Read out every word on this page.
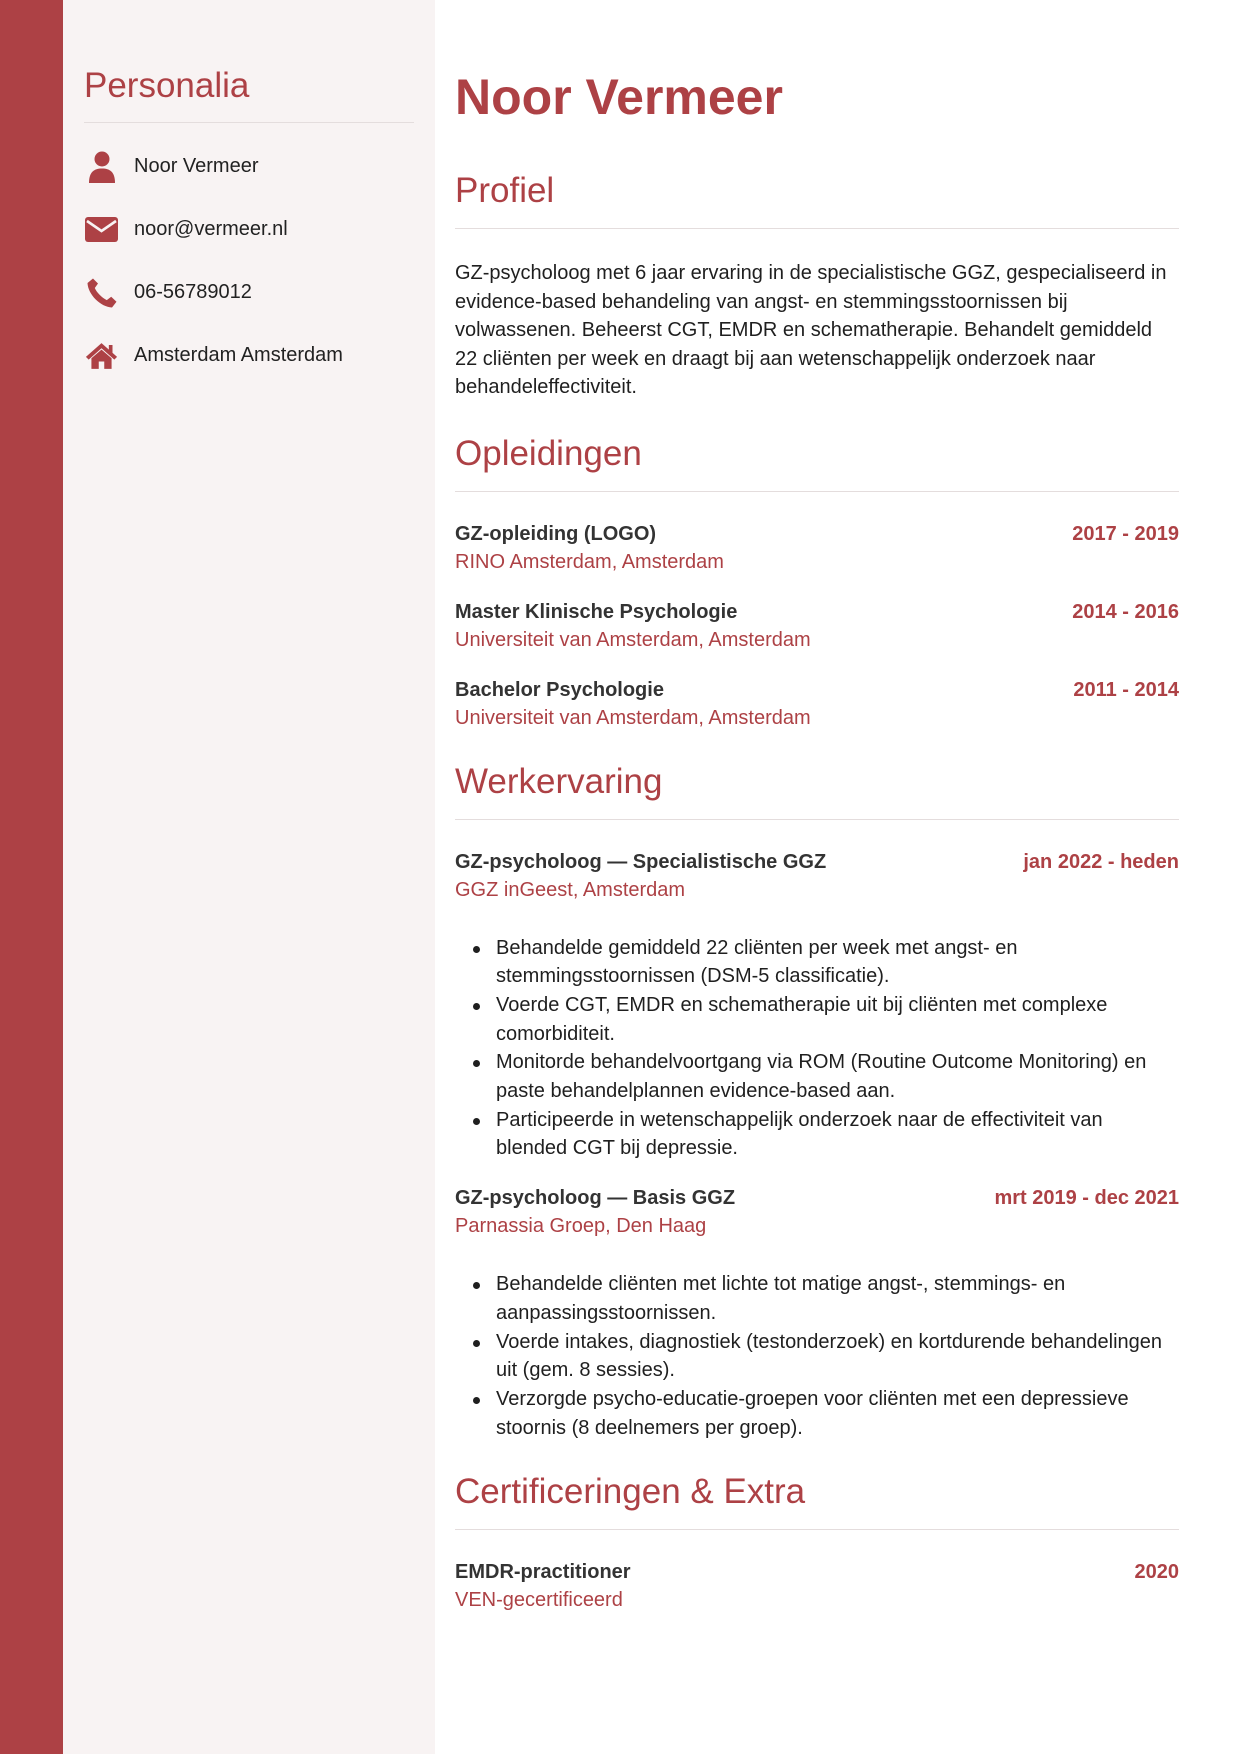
Personalia
Noor Vermeer
noor@vermeer.nl
06-56789012
Amsterdam Amsterdam
Noor Vermeer
Profiel

GZ-psycholoog met 6 jaar ervaring in de specialistische GGZ, gespecialiseerd in evidence-based behandeling van angst- en stemmingsstoornissen bij volwassenen. Beheerst CGT, EMDR en schematherapie. Behandelt gemiddeld 22 cliënten per week en draagt bij aan wetenschappelijk onderzoek naar behandeleffectiviteit.

Opleidingen
GZ-opleiding (LOGO)	2017 - 2019
RINO Amsterdam, Amsterdam
Master Klinische Psychologie	2014 - 2016
Universiteit van Amsterdam, Amsterdam
Bachelor Psychologie	2011 - 2014
Universiteit van Amsterdam, Amsterdam
Werkervaring
GZ-psycholoog — Specialistische GGZ	jan 2022 - heden
GGZ inGeest, Amsterdam
Behandelde gemiddeld 22 cliënten per week met angst- en stemmingsstoornissen (DSM-5 classificatie).
Voerde CGT, EMDR en schematherapie uit bij cliënten met complexe comorbiditeit.
Monitorde behandelvoortgang via ROM (Routine Outcome Monitoring) en paste behandelplannen evidence-based aan.
Participeerde in wetenschappelijk onderzoek naar de effectiviteit van blended CGT bij depressie.
GZ-psycholoog — Basis GGZ	mrt 2019 - dec 2021
Parnassia Groep, Den Haag
Behandelde cliënten met lichte tot matige angst-, stemmings- en aanpassingsstoornissen.
Voerde intakes, diagnostiek (testonderzoek) en kortdurende behandelingen uit (gem. 8 sessies).
Verzorgde psycho-educatie-groepen voor cliënten met een depressieve stoornis (8 deelnemers per groep).
Certificeringen & Extra
EMDR-practitioner	2020
VEN-gecertificeerd
